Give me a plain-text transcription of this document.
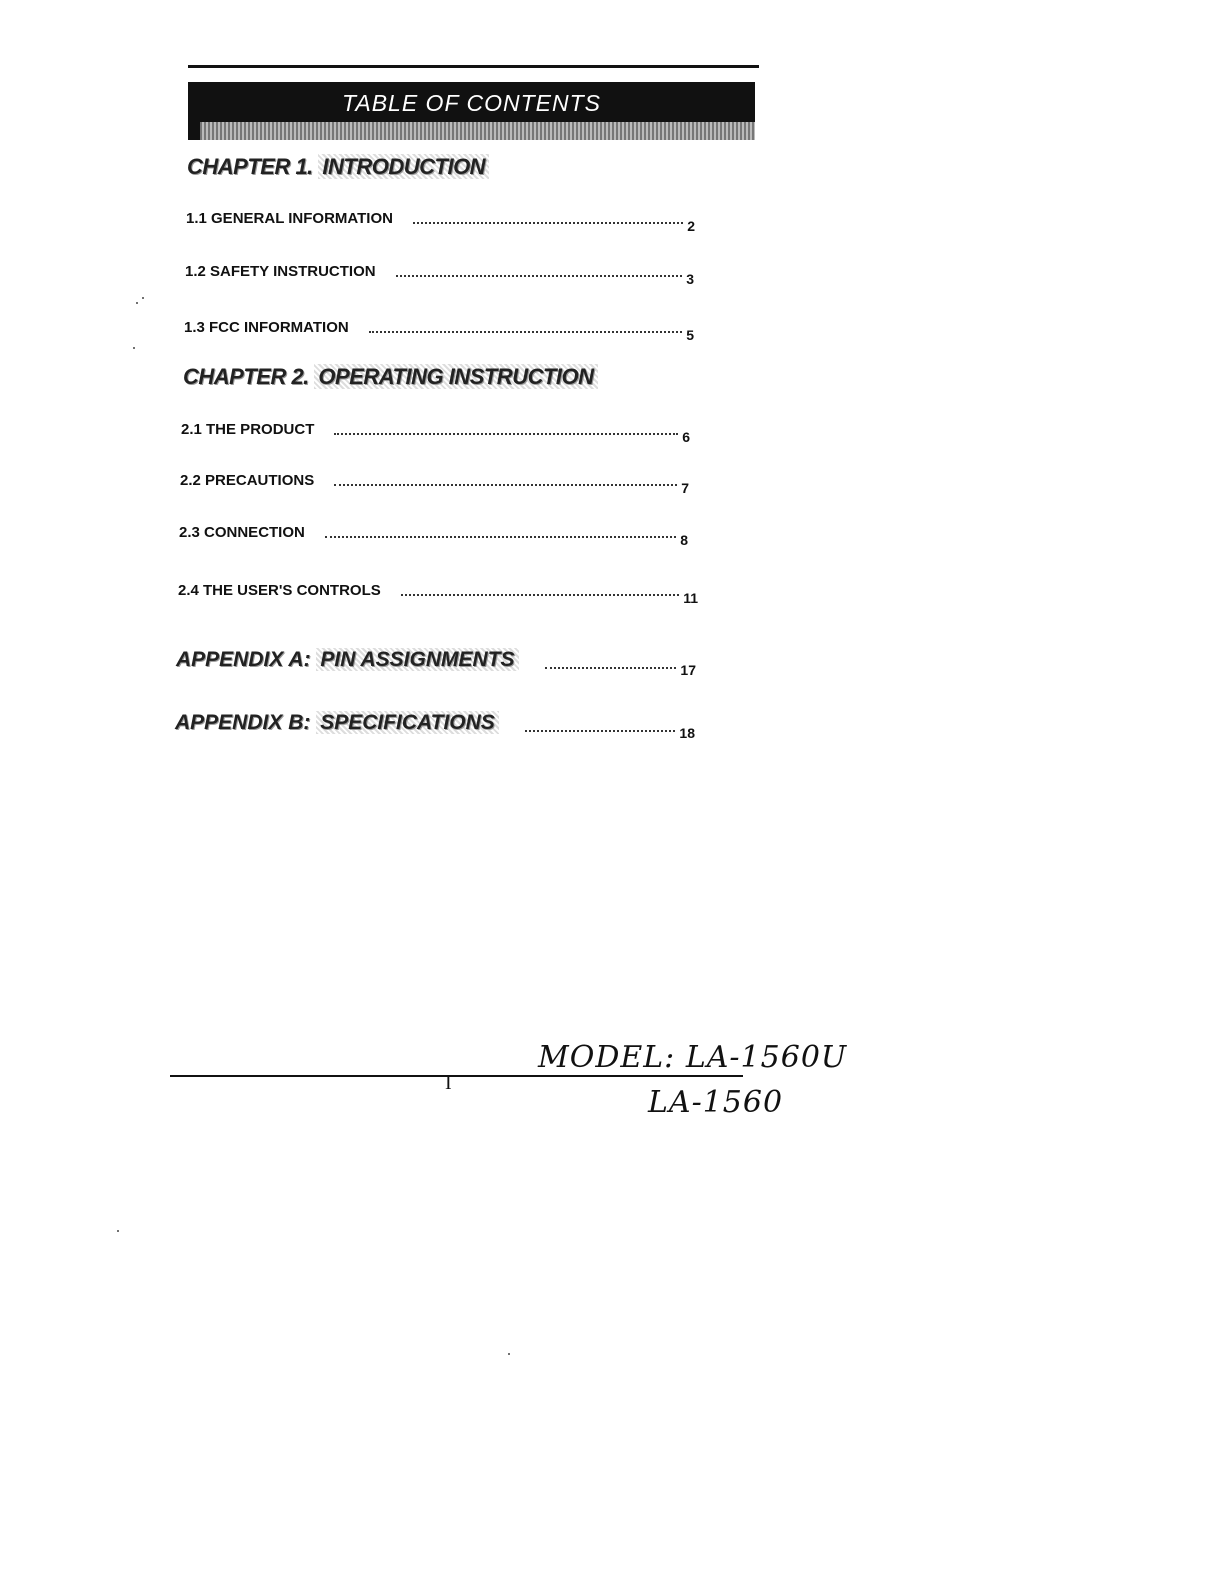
TABLE OF CONTENTS
CHAPTER 1. INTRODUCTION
1.1 GENERAL INFORMATION	2
1.2 SAFETY INSTRUCTION	3
1.3 FCC INFORMATION	5
CHAPTER 2. OPERATING INSTRUCTION
2.1 THE PRODUCT	6
2.2 PRECAUTIONS	7
2.3 CONNECTION	8
2.4 THE USER'S CONTROLS	11
APPENDIX A: PIN ASSIGNMENTS	17
APPENDIX B: SPECIFICATIONS	18
I
MODEL: LA-1560U
LA-1560
